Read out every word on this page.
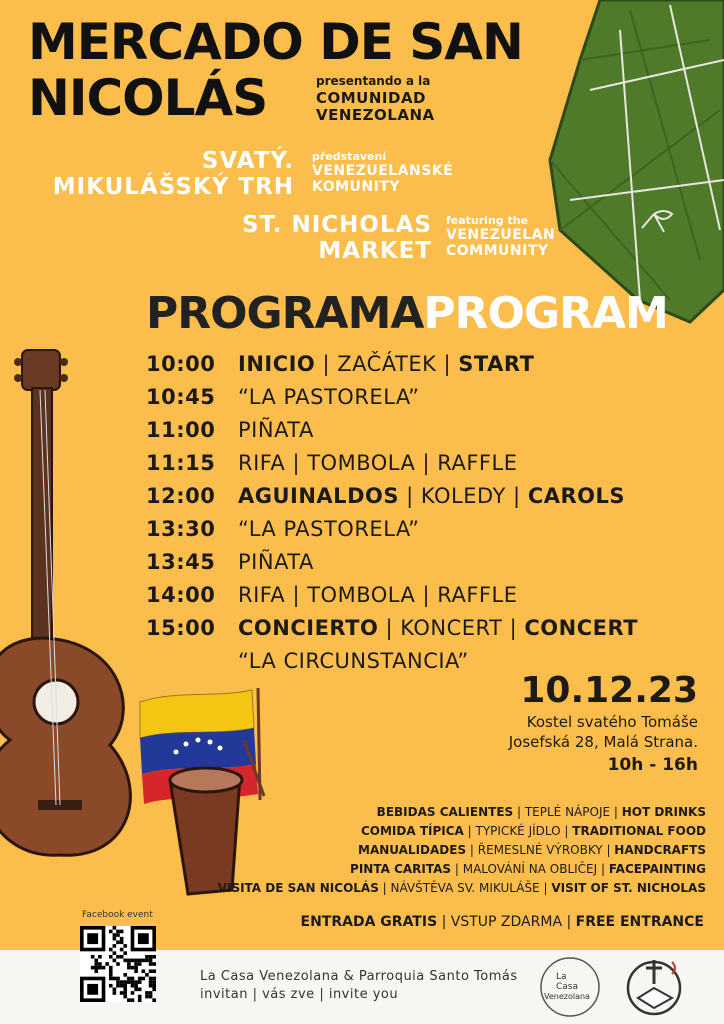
MERCADO DE SAN
NICOLÁS	presentando a la
COMUNIDAD
VENEZOLANA
SVATÝ.
MIKULÁŠSKÝ TRH
představení
VENEZUELANSKÉ
KOMUNITY
ST. NICHOLAS
MARKET
featuring the
VENEZUELAN
COMMUNITY
PROGRAMAPROGRAM
10:00	INICIO | ZAČÁTEK | START
10:45	“LA PASTORELA”
11:00	PIÑATA
11:15	RIFA | TOMBOLA | RAFFLE
12:00	AGUINALDOS | KOLEDY | CAROLS
13:30	“LA PASTORELA”
13:45	PIÑATA
14:00	RIFA | TOMBOLA | RAFFLE
15:00	CONCIERTO | KONCERT | CONCERT
“LA CIRCUNSTANCIA”
10.12.23
Kostel svatého Tomáše
Josefská 28, Malá Strana.
10h - 16h
BEBIDAS CALIENTES | TEPLÉ NÁPOJE | HOT DRINKS
COMIDA TÍPICA | TYPICKÉ JÍDLO | TRADITIONAL FOOD
MANUALIDADES | ŘEMESLNÉ VÝROBKY | HANDCRAFTS
PINTA CARITAS | MALOVÁNÍ NA OBLIČEJ | FACEPAINTING
VISITA DE SAN NICOLÁS | NÁVŠTĚVA SV. MIKULÁŠE | VISIT OF ST. NICHOLAS
ENTRADA GRATIS | VSTUP ZDARMA | FREE ENTRANCE
Facebook event
La Casa Venezolana & Parroquia Santo Tomás
invitan | vás zve | invite you
La
Casa
Venezolana
